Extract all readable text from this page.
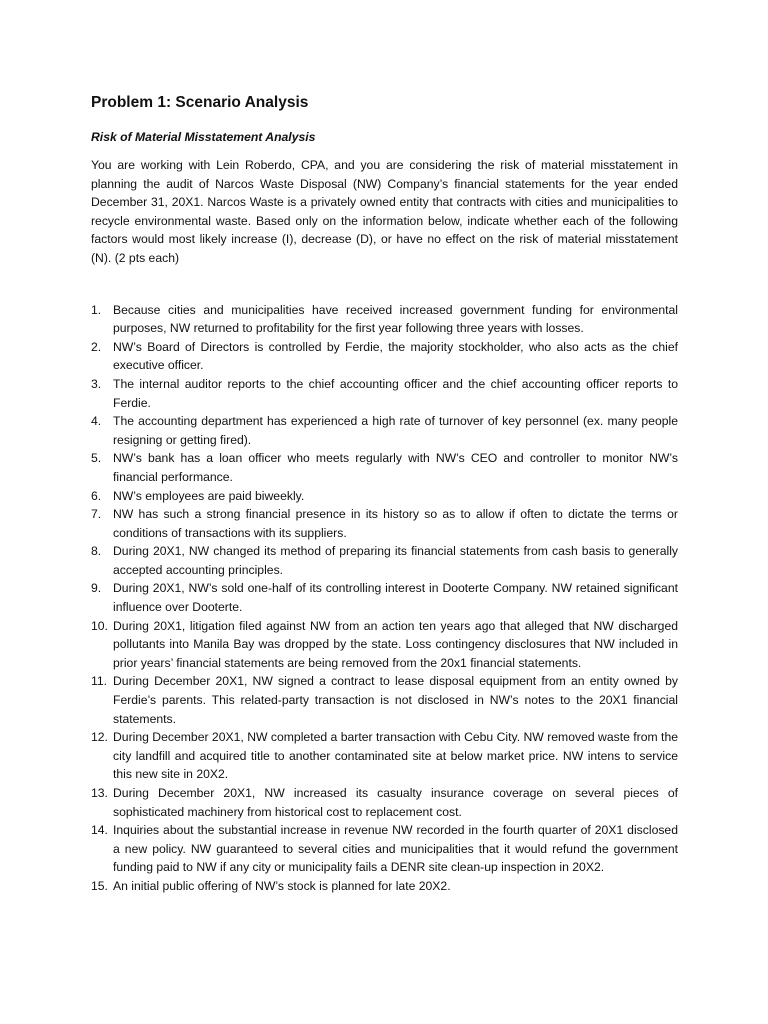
Problem 1: Scenario Analysis
Risk of Material Misstatement Analysis

You are working with Lein Roberdo, CPA, and you are considering the risk of material misstatement in planning the audit of Narcos Waste Disposal (NW) Company’s financial statements for the year ended December 31, 20X1. Narcos Waste is a privately owned entity that contracts with cities and municipalities to recycle environmental waste. Based only on the information below, indicate whether each of the following factors would most likely increase (I), decrease (D), or have no effect on the risk of material misstatement (N). (2 pts each)

1. Because cities and municipalities have received increased government funding for environmental purposes, NW returned to profitability for the first year following three years with losses.
2. NW’s Board of Directors is controlled by Ferdie, the majority stockholder, who also acts as the chief executive officer.
3. The internal auditor reports to the chief accounting officer and the chief accounting officer reports to Ferdie.
4. The accounting department has experienced a high rate of turnover of key personnel (ex. many people resigning or getting fired).
5. NW’s bank has a loan officer who meets regularly with NW’s CEO and controller to monitor NW’s financial performance.
6. NW’s employees are paid biweekly.
7. NW has such a strong financial presence in its history so as to allow if often to dictate the terms or conditions of transactions with its suppliers.
8. During 20X1, NW changed its method of preparing its financial statements from cash basis to generally accepted accounting principles.
9. During 20X1, NW’s sold one-half of its controlling interest in Dooterte Company. NW retained significant influence over Dooterte.
10. During 20X1, litigation filed against NW from an action ten years ago that alleged that NW discharged pollutants into Manila Bay was dropped by the state. Loss contingency disclosures that NW included in prior years’ financial statements are being removed from the 20x1 financial statements.
11. During December 20X1, NW signed a contract to lease disposal equipment from an entity owned by Ferdie’s parents. This related-party transaction is not disclosed in NW’s notes to the 20X1 financial statements.
12. During December 20X1, NW completed a barter transaction with Cebu City. NW removed waste from the city landfill and acquired title to another contaminated site at below market price. NW intens to service this new site in 20X2.
13. During December 20X1, NW increased its casualty insurance coverage on several pieces of sophisticated machinery from historical cost to replacement cost.
14. Inquiries about the substantial increase in revenue NW recorded in the fourth quarter of 20X1 disclosed a new policy. NW guaranteed to several cities and municipalities that it would refund the government funding paid to NW if any city or municipality fails a DENR site clean-up inspection in 20X2.
15. An initial public offering of NW’s stock is planned for late 20X2.
